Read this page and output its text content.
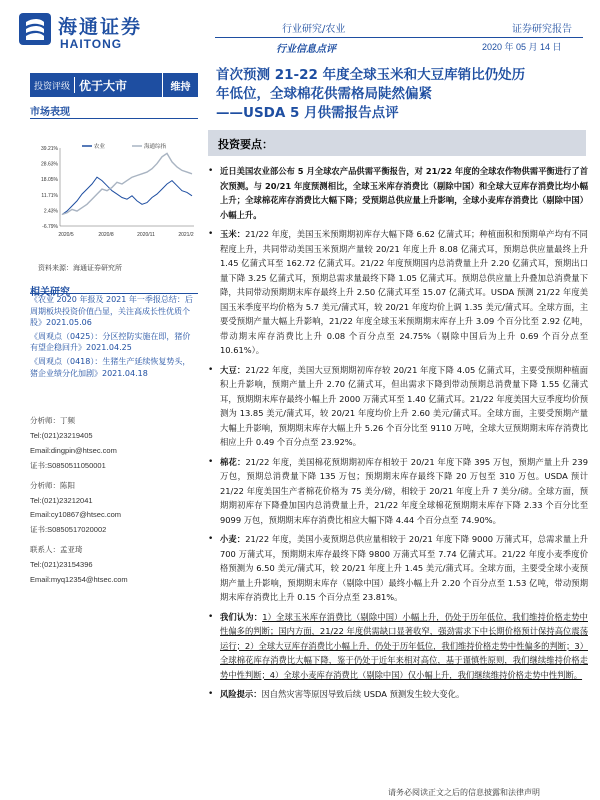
海通证券
HAITONG
行业研究/农业	证券研究报告
行业信息点评	2020 年 05 月 14 日
投资评级 优于大市	维持
市场表现
39.21%
28.63%
18.05%
11.71%
2.43%
-6.79%
2020/5	2020/8	2020/11	2021/2
农业	海通综指
资料来源：海通证券研究所
《农业 2020 年报及 2021 年一季报总结：后周期板块投资价值凸显，关注高成长性优质个股》2021.05.06
《周观点（0425）：分区控防实施在即，猪价有望企稳回升》2021.04.25
《周观点（0418）：生猪生产延续恢复势头，猪企业绩分化加剧》2021.04.18
分析师：丁频
Tel:(021)23219405
Email:dingpin@htsec.com
证书:S0850511050001
分析师：陈阳
Tel:(021)23212041
Email:cy10867@htsec.com
证书:S0850517020002
联系人：孟亚琦
Tel:(021)23154396
Email:myq12354@htsec.com
首次预测 21-22 年度全球玉米和大豆库销比仍处历
年低位，全球棉花供需格局陡然偏紧
——USDA 5 月供需报告点评
投资要点：
• 近日美国农业部公布 5 月全球农产品供需平衡报告，对 21/22 年度的全球农作物供需平衡进行了首次预测。与 20/21 年度预测相比，全球玉米库存消费比（剔除中国）和全球大豆库存消费比均小幅上升；全球棉花库存消费比大幅下降；受预期总供应量上升影响，全球小麦库存消费比（剔除中国）小幅上升。
• 玉米：21/22 年度，美国玉米预期期初库存大幅下降 6.62 亿蒲式耳；种植面积和预期单产均有不同程度上升，共同带动美国玉米预期产量较 20/21 年度上升 8.08 亿蒲式耳，预期总供应量最终上升 1.45 亿蒲式耳至 162.72 亿蒲式耳。21/22 年度预期国内总消费量上升 2.20 亿蒲式耳，预期出口量下降 3.25 亿蒲式耳，预期总需求量最终下降 1.05 亿蒲式耳。预期总供应量上升叠加总消费量下降，共同带动预期期末库存最终上升 2.50 亿蒲式耳至 15.07 亿蒲式耳。USDA 预测 21/22 年度美国玉米季度平均价格为 5.7 美元/蒲式耳，较 20/21 年度均价上调 1.35 美元/蒲式耳。全球方面，主要受预期产量大幅上升影响，21/22 年度全球玉米预期期末库存上升 3.09 个百分比至 2.92 亿吨，带动期末库存消费比上升 0.08 个百分点至 24.75%（剔除中国后为上升 0.69 个百分点至 10.61%）。
• 大豆：21/22 年度，美国大豆预期期初库存较 20/21 年度下降 4.05 亿蒲式耳，主要受预期种植面积上升影响，预期产量上升 2.70 亿蒲式耳，但出需求下降到带动预期总消费量下降 1.55 亿蒲式耳，预期期末库存最终小幅上升 2000 万蒲式耳至 1.40 亿蒲式耳。21/22 年度美国大豆季度均价预测为 13.85 美元/蒲式耳，较 20/21 年度均价上升 2.60 美元/蒲式耳。全球方面，主要受预期产量大幅上升影响，预期期末库存大幅上升 5.26 个百分比至 9110 万吨，全球大豆预期期末库存消费比相应上升 0.49 个百分点至 23.92%。
• 棉花：21/22 年度，美国棉花预期期初库存相较于 20/21 年度下降 395 万包，预期产量上升 239 万包，预期总消费量下降 135 万包；预期期末库存最终下降 20 万包至 310 万包。USDA 预计 21/22 年度美国生产者棉花价格为 75 美分/磅，相较于 20/21 年度上升 7 美分/磅。全球方面，预期期初库存下降叠加国内总消费量上升，21/22 年度全球棉花预期期末库存下降 2.33 个百分比至 9099 万包，预期期末库存消费比相应大幅下降 4.44 个百分点至 74.90%。
• 小麦：21/22 年度，美国小麦预期总供应量相较于 20/21 年度下降 9000 万蒲式耳，总需求量上升 700 万蒲式耳，预期期末库存最终下降 9800 万蒲式耳至 7.74 亿蒲式耳。21/22 年度小麦季度价格预测为 6.50 美元/蒲式耳，较 20/21 年度上升 1.45 美元/蒲式耳。全球方面，主要受全球小麦预期产量上升影响，预期期末库存（剔除中国）最终小幅上升 2.20 个百分点至 1.53 亿吨，带动预期期末库存消费比上升 0.15 个百分点至 23.81%。
• 我们认为：1）全球玉米库存消费比（剔除中国）小幅上升，仍处于历年低位，我们维持价格走势中性偏多的判断；国内方面，21/22 年度供需缺口显著收窄，强劲需求下中长期价格预计保持高位震荡运行；2）全球大豆库存消费比小幅上升，仍处于历年低位，我们维持价格走势中性偏多的判断；3）全球棉花库存消费比大幅下降，鉴于仍处于近年来相对高位，基于谨慎性原则，我们继续维持价格走势中性判断；4）全球小麦库存消费比（剔除中国）仅小幅上升，我们继续维持价格走势中性判断。
• 风险提示：因自然灾害等原因导致后续 USDA 预测发生较大变化。
请务必阅读正文之后的信息披露和法律声明
